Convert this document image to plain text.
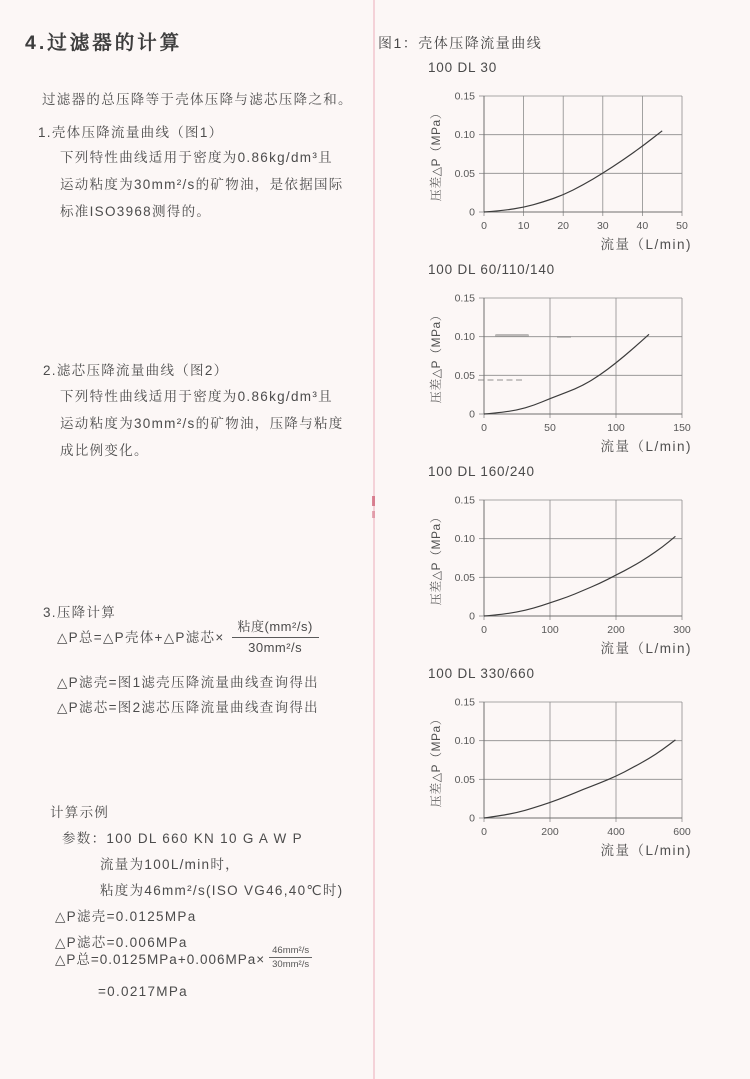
4.过滤器的计算

过滤器的总压降等于壳体压降与滤芯压降之和。

1.壳体压降流量曲线（图1）
下列特性曲线适用于密度为0.86kg/dm³且
运动粘度为30mm²/s的矿物油，是依据国际
标准ISO3968测得的。
2.滤芯压降流量曲线（图2）
下列特性曲线适用于密度为0.86kg/dm³且
运动粘度为30mm²/s的矿物油，压降与粘度
成比例变化。
3.压降计算
△P总=△P壳体+△P滤芯× $\frac{\text{粘度(mm²/s)}}{\text{30mm²/s}}$
△P滤壳=图1滤壳压降流量曲线查询得出
△P滤芯=图2滤芯压降流量曲线查询得出
计算示例
参数：100 DL 660 KN 10 G A W P
流量为100L/min时，
粘度为46mm²/s(ISO VG46,40℃时)
△P滤壳=0.0125MPa
△P滤芯=0.006MPa
△P总$=0.0125MPa+0.006MPa\times \frac{\text{46mm²/s}}{\text{30mm²/s}}$
=0.0217MPa
图1：壳体压降流量曲线
100 DL 30
0	10	20	30	40	50
0
0.05
0.10
0.15
流量（L/min)
压差△P（MPa）
100 DL 60/110/140
0	50	100	150
0
0.05
0.10
0.15
流量（L/min)
压差△P（MPa）
100 DL 160/240
0	100	200	300
0
0.05
0.10
0.15
流量（L/min)
压差△P（MPa）
100 DL 330/660
0	200	400	600
0
0.05
0.10
0.15
流量（L/min)
压差△P（MPa）
